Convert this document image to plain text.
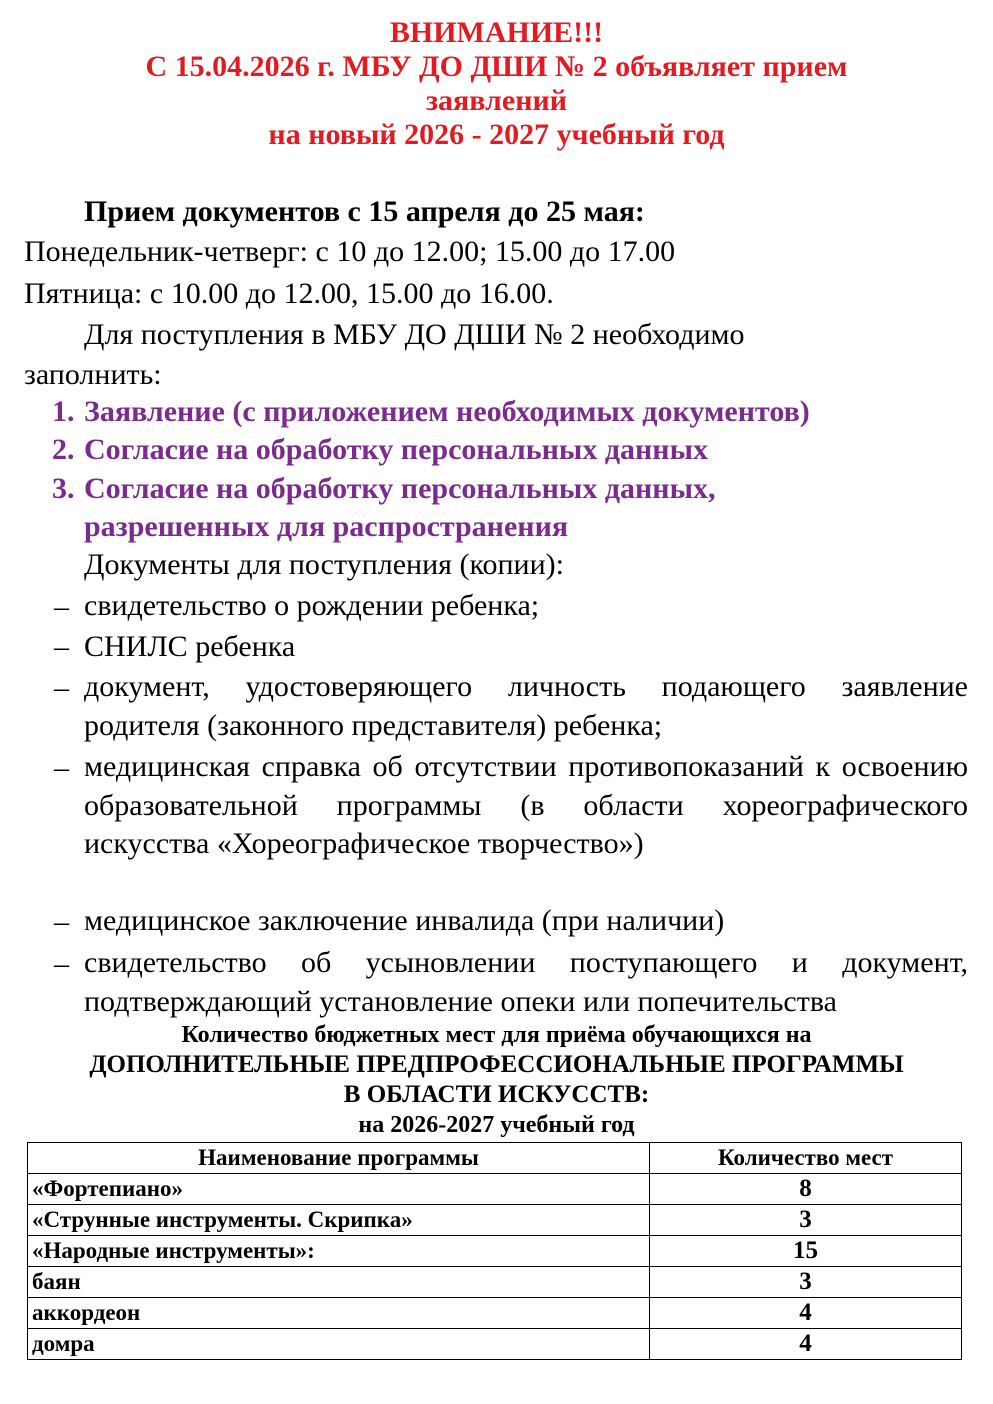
ВНИМАНИЕ!!!
С 15.04.2026 г. МБУ ДО ДШИ № 2 объявляет прием
заявлений
на новый 2026 - 2027 учебный год
Прием документов с 15 апреля до 25 мая:
Понедельник-четверг: с 10 до 12.00; 15.00 до 17.00
Пятница: с 10.00 до 12.00, 15.00 до 16.00.
Для поступления в МБУ ДО ДШИ № 2 необходимо
заполнить:
1. Заявление (с приложением необходимых документов)
2. Согласие на обработку персональных данных
3. Согласие на обработку персональных данных,
разрешенных для распространения
Документы для поступления (копии):
– свидетельство о рождении ребенка;
– СНИЛС ребенка
– документ, удостоверяющего личность подающего заявление родителя (законного представителя) ребенка;
– медицинская справка об отсутствии противопоказаний к освоению образовательной программы (в области хореографического искусства «Хореографическое творчество»)
– медицинское заключение инвалида (при наличии)
– свидетельство об усыновлении поступающего и документ, подтверждающий установление опеки или попечительства
Количество бюджетных мест для приёма обучающихся на
ДОПОЛНИТЕЛЬНЫЕ ПРЕДПРОФЕССИОНАЛЬНЫЕ ПРОГРАММЫ
В ОБЛАСТИ ИСКУССТВ:
на 2026-2027 учебный год
Наименование программы	Количество мест
«Фортепиано»	8
«Струнные инструменты. Скрипка»	3
«Народные инструменты»:	15
баян	3
аккордеон	4
домра	4
